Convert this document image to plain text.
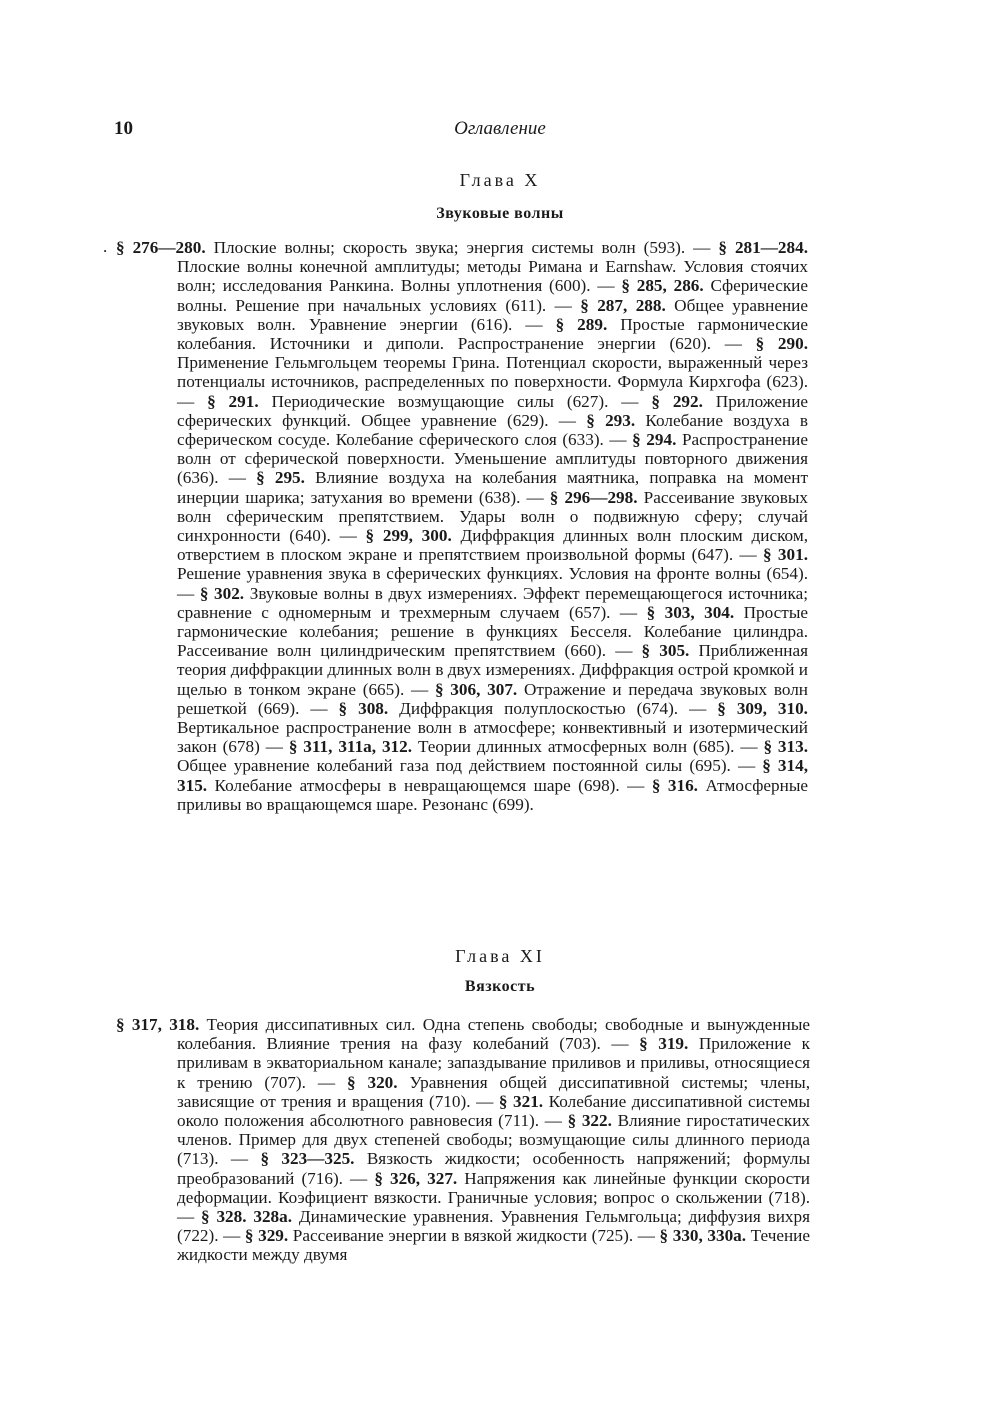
10	Оглавление
.
Глава X
Звуковые волны

§ 276—280. Плоские волны; скорость звука; энергия системы волн (593). — § 281—284. Плоские волны конечной амплитуды; методы Римана и Earnshaw. Условия стоячих волн; исследования Ранкина. Волны уплотнения (600). — § 285, 286. Сферические волны. Решение при начальных условиях (611). — § 287, 288. Общее уравнение звуковых волн. Уравнение энергии (616). — § 289. Простые гармонические колебания. Источники и диполи. Распространение энергии (620). — § 290. Применение Гельмгольцем теоремы Грина. Потенциал скорости, выраженный через потенциалы источников, распределенных по поверхности. Формула Кирхгофа (623). — § 291. Периодические возмущающие силы (627). — § 292. Приложение сферических функций. Общее уравнение (629). — § 293. Колебание воздуха в сферическом сосуде. Колебание сферического слоя (633). — § 294. Распространение волн от сферической поверхности. Уменьшение амплитуды повторного движения (636). — § 295. Влияние воздуха на колебания маятника, поправка на момент инерции шарика; затухания во времени (638). — § 296—298. Рассеивание звуковых волн сферическим препятствием. Удары волн о подвижную сферу; случай синхронности (640). — § 299, 300. Диффракция длинных волн плоским диском, отверстием в плоском экране и препятствием произвольной формы (647). — § 301. Решение уравнения звука в сферических функциях. Условия на фронте волны (654). — § 302. Звуковые волны в двух измерениях. Эффект перемещающегося источника; сравнение с одномерным и трехмерным случаем (657). — § 303, 304. Простые гармонические колебания; решение в функциях Бесселя. Колебание цилиндра. Рассеивание волн цилиндрическим препятствием (660). — § 305. Приближенная теория диффракции длинных волн в двух измерениях. Диффракция острой кромкой и щелью в тонком экране (665). — § 306, 307. Отражение и передача звуковых волн решеткой (669). — § 308. Диффракция полуплоскостью (674). — § 309, 310. Вертикальное распространение волн в атмосфере; конвективный и изотермический закон (678) — § 311, 311а, 312. Теории длинных атмосферных волн (685). — § 313. Общее уравнение колебаний газа под действием постоянной силы (695). — § 314, 315. Колебание атмосферы в невращающемся шаре (698). — § 316. Атмосферные приливы во вращающемся шаре. Резонанс (699).

Глава XI
Вязкость

§ 317, 318. Теория диссипативных сил. Одна степень свободы; свободные и вынужденные колебания. Влияние трения на фазу колебаний (703). — § 319. Приложение к приливам в экваториальном канале; запаздывание приливов и приливы, относящиеся к трению (707). — § 320. Уравнения общей диссипативной системы; члены, зависящие от трения и вращения (710). — § 321. Колебание диссипативной системы около положения абсолютного равновесия (711). — § 322. Влияние гиростатических членов. Пример для двух степеней свободы; возмущающие силы длинного периода (713). — § 323—325. Вязкость жидкости; особенность напряжений; формулы преобразований (716). — § 326, 327. Напряжения как линейные функции скорости деформации. Коэфициент вязкости. Граничные условия; вопрос о скольжении (718). — § 328. 328а. Динамические уравнения. Уравнения Гельмгольца; диффузия вихря (722). — § 329. Рассеивание энергии в вязкой жидкости (725). — § 330, 330а. Течение жидкости между двумя
